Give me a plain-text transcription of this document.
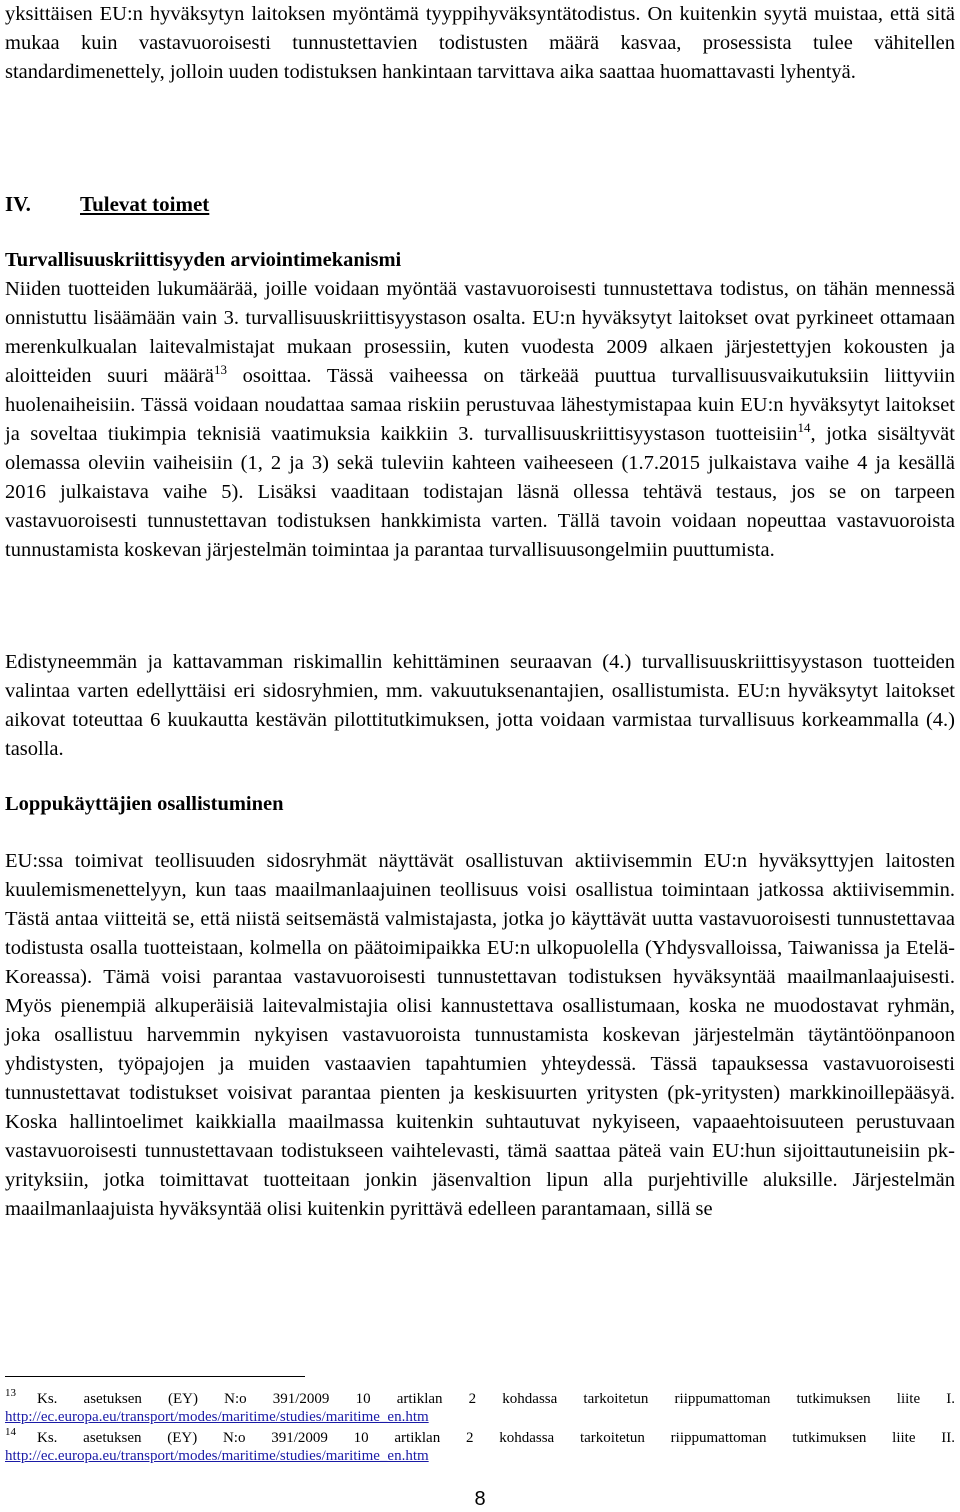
yksittäisen EU:n hyväksytyn laitoksen myöntämä tyyppihyväksyntätodistus. On kuitenkin syytä muistaa, että sitä mukaa kuin vastavuoroisesti tunnustettavien todistusten määrä kasvaa, prosessista tulee vähitellen standardimenettely, jolloin uuden todistuksen hankintaan tarvittava aika saattaa huomattavasti lyhentyä.

IV. Tulevat toimet

Turvallisuuskriittisyyden arviointimekanismi

Niiden tuotteiden lukumäärää, joille voidaan myöntää vastavuoroisesti tunnustettava todistus, on tähän mennessä onnistuttu lisäämään vain 3. turvallisuuskriittisyystason osalta. EU:n hyväksytyt laitokset ovat pyrkineet ottamaan merenkulkualan laitevalmistajat mukaan prosessiin, kuten vuodesta 2009 alkaen järjestettyjen kokousten ja aloitteiden suuri määrä$^{13}$ osoittaa. Tässä vaiheessa on tärkeää puuttua turvallisuusvaikutuksiin liittyviin huolenaiheisiin. Tässä voidaan noudattaa samaa riskiin perustuvaa lähestymistapaa kuin EU:n hyväksytyt laitokset ja soveltaa tiukimpia teknisiä vaatimuksia kaikkiin 3. turvallisuuskriittisyystason tuotteisiin$^{14}$, jotka sisältyvät olemassa oleviin vaiheisiin (1, 2 ja 3) sekä tuleviin kahteen vaiheeseen (1.7.2015 julkaistava vaihe 4 ja kesällä 2016 julkaistava vaihe 5). Lisäksi vaaditaan todistajan läsnä ollessa tehtävä testaus, jos se on tarpeen vastavuoroisesti tunnustettavan todistuksen hankkimista varten. Tällä tavoin voidaan nopeuttaa vastavuoroista tunnustamista koskevan järjestelmän toimintaa ja parantaa turvallisuusongelmiin puuttumista.

Edistyneemmän ja kattavamman riskimallin kehittäminen seuraavan (4.) turvallisuuskriittisyystason tuotteiden valintaa varten edellyttäisi eri sidosryhmien, mm. vakuutuksenantajien, osallistumista. EU:n hyväksytyt laitokset aikovat toteuttaa 6 kuukautta kestävän pilottitutkimuksen, jotta voidaan varmistaa turvallisuus korkeammalla (4.) tasolla.

Loppukäyttäjien osallistuminen

EU:ssa toimivat teollisuuden sidosryhmät näyttävät osallistuvan aktiivisemmin EU:n hyväksyttyjen laitosten kuulemismenettelyyn, kun taas maailmanlaajuinen teollisuus voisi osallistua toimintaan jatkossa aktiivisemmin. Tästä antaa viitteitä se, että niistä seitsemästä valmistajasta, jotka jo käyttävät uutta vastavuoroisesti tunnustettavaa todistusta osalla tuotteistaan, kolmella on päätoimipaikka EU:n ulkopuolella (Yhdysvalloissa, Taiwanissa ja Etelä-Koreassa). Tämä voisi parantaa vastavuoroisesti tunnustettavan todistuksen hyväksyntää maailmanlaajuisesti. Myös pienempiä alkuperäisiä laitevalmistajia olisi kannustettava osallistumaan, koska ne muodostavat ryhmän, joka osallistuu harvemmin nykyisen vastavuoroista tunnustamista koskevan järjestelmän täytäntöönpanoon yhdistysten, työpajojen ja muiden vastaavien tapahtumien yhteydessä. Tässä tapauksessa vastavuoroisesti tunnustettavat todistukset voisivat parantaa pienten ja keskisuurten yritysten (pk-yritysten) markkinoillepääsyä. Koska hallintoelimet kaikkialla maailmassa kuitenkin suhtautuvat nykyiseen, vapaaehtoisuuteen perustuvaan vastavuoroisesti tunnustettavaan todistukseen vaihtelevasti, tämä saattaa päteä vain EU:hun sijoittautuneisiin pk-yrityksiin, jotka toimittavat tuotteitaan jonkin jäsenvaltion lipun alla purjehtiville aluksille. Järjestelmän maailmanlaajuista hyväksyntää olisi kuitenkin pyrittävä edelleen parantamaan, sillä se

13	Ks. asetuksen (EY) N:o 391/2009 10 artiklan 2 kohdassa tarkoitetun riippumattoman tutkimuksen liite I.
http://ec.europa.eu/transport/modes/maritime/studies/maritime_en.htm
14	Ks. asetuksen (EY) N:o 391/2009 10 artiklan 2 kohdassa tarkoitetun riippumattoman tutkimuksen liite II.
http://ec.europa.eu/transport/modes/maritime/studies/maritime_en.htm
8
